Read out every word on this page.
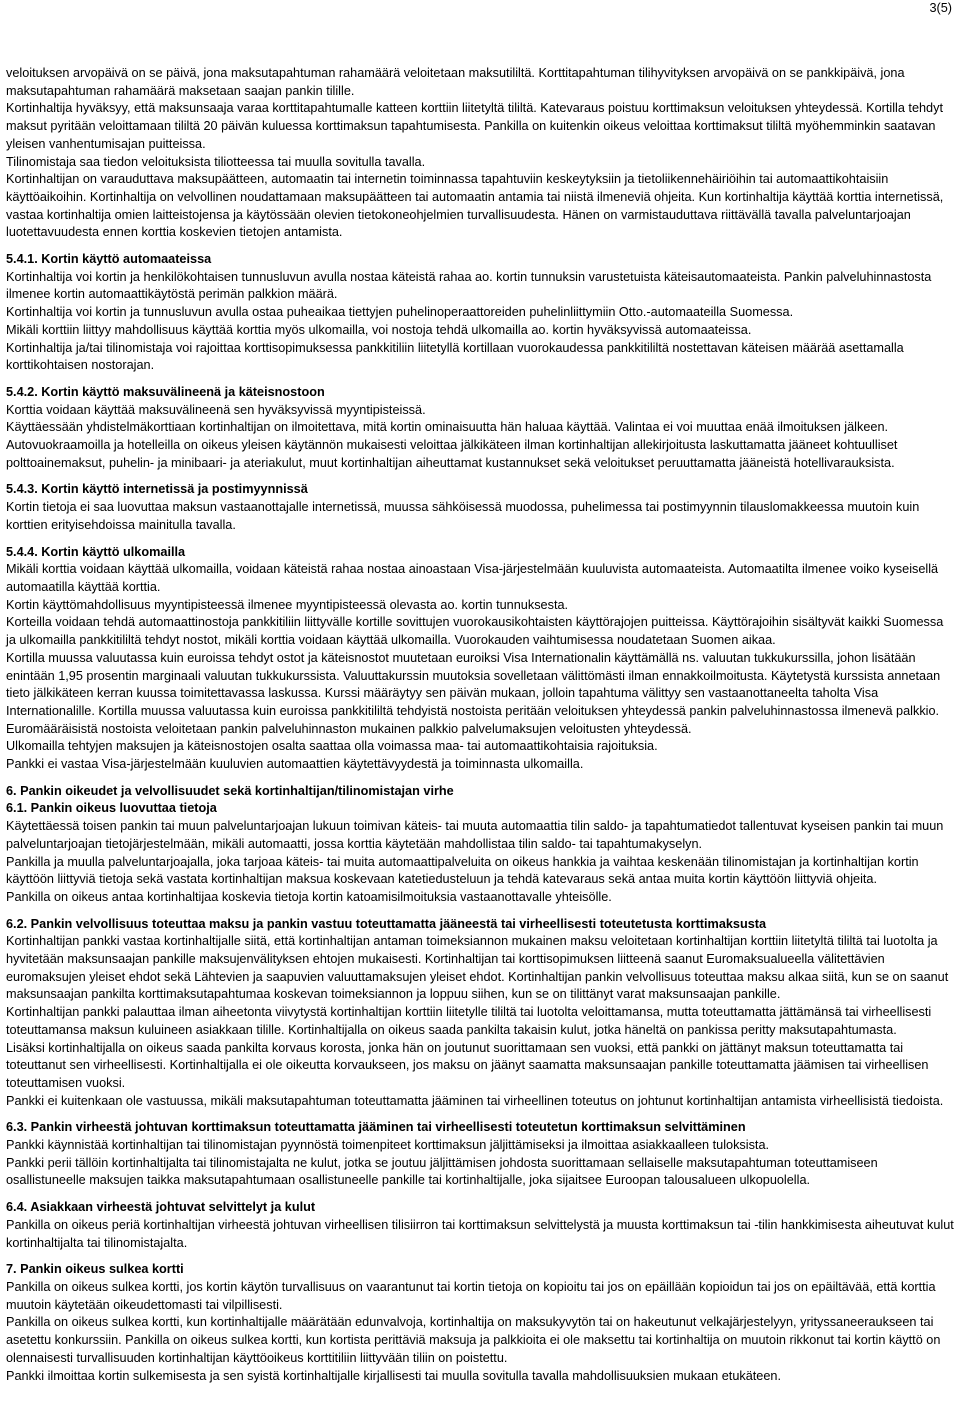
3(5)

veloituksen arvopäivä on se päivä, jona maksutapahtuman rahamäärä veloitetaan maksutililtä. Korttitapahtuman tilihyvityksen arvopäivä on se pankkipäivä, jona maksutapahtuman rahamäärä maksetaan saajan pankin tilille.

Kortinhaltija hyväksyy, että maksunsaaja varaa korttitapahtumalle katteen korttiin liitetyltä tililtä. Katevaraus poistuu korttimaksun veloituksen yhteydessä. Kortilla tehdyt maksut pyritään veloittamaan tililtä 20 päivän kuluessa korttimaksun tapahtumisesta. Pankilla on kuitenkin oikeus veloittaa korttimaksut tililtä myöhemminkin saatavan yleisen vanhentumisajan puitteissa.

Tilinomistaja saa tiedon veloituksista tiliotteessa tai muulla sovitulla tavalla.

Kortinhaltijan on varauduttava maksupäätteen, automaatin tai internetin toiminnassa tapahtuviin keskeytyksiin ja tietoliikennehäiriöihin tai automaattikohtaisiin käyttöaikoihin. Kortinhaltija on velvollinen noudattamaan maksupäätteen tai automaatin antamia tai niistä ilmeneviä ohjeita. Kun kortinhaltija käyttää korttia internetissä, vastaa kortinhaltija omien laitteistojensa ja käytössään olevien tietokoneohjelmien turvallisuudesta. Hänen on varmistauduttava riittävällä tavalla palveluntarjoajan luotettavuudesta ennen korttia koskevien tietojen antamista.

5.4.1. Kortin käyttö automaateissa

Kortinhaltija voi kortin ja henkilökohtaisen tunnusluvun avulla nostaa käteistä rahaa ao. kortin tunnuksin varustetuista käteisautomaateista. Pankin palveluhinnastosta ilmenee kortin automaattikäytöstä perimän palkkion määrä.

Kortinhaltija voi kortin ja tunnusluvun avulla ostaa puheaikaa tiettyjen puhelinoperaattoreiden puhelinliittymiin Otto.-automaateilla Suomessa.

Mikäli korttiin liittyy mahdollisuus käyttää korttia myös ulkomailla, voi nostoja tehdä ulkomailla ao. kortin hyväksyvissä automaateissa.

Kortinhaltija ja/tai tilinomistaja voi rajoittaa korttisopimuksessa pankkitiliin liitetyllä kortillaan vuorokaudessa pankkitililtä nostettavan käteisen määrää asettamalla korttikohtaisen nostorajan.

5.4.2. Kortin käyttö maksuvälineenä ja käteisnostoon

Korttia voidaan käyttää maksuvälineenä sen hyväksyvissä myyntipisteissä.

Käyttäessään yhdistelmäkorttiaan kortinhaltijan on ilmoitettava, mitä kortin ominaisuutta hän haluaa käyttää. Valintaa ei voi muuttaa enää ilmoituksen jälkeen.

Autovuokraamoilla ja hotelleilla on oikeus yleisen käytännön mukaisesti veloittaa jälkikäteen ilman kortinhaltijan allekirjoitusta laskuttamatta jääneet kohtuulliset polttoainemaksut, puhelin- ja minibaari- ja ateriakulut, muut kortinhaltijan aiheuttamat kustannukset sekä veloitukset peruuttamatta jääneistä hotellivarauksista.

5.4.3. Kortin käyttö internetissä ja postimyynnissä

Kortin tietoja ei saa luovuttaa maksun vastaanottajalle internetissä, muussa sähköisessä muodossa, puhelimessa tai postimyynnin tilauslomakkeessa muutoin kuin korttien erityisehdoissa mainitulla tavalla.

5.4.4. Kortin käyttö ulkomailla

Mikäli korttia voidaan käyttää ulkomailla, voidaan käteistä rahaa nostaa ainoastaan Visa-järjestelmään kuuluvista automaateista. Automaatilta ilmenee voiko kyseisellä automaatilla käyttää korttia.

Kortin käyttömahdollisuus myyntipisteessä ilmenee myyntipisteessä olevasta ao. kortin tunnuksesta.

Korteilla voidaan tehdä automaattinostoja pankkitiliin liittyvälle kortille sovittujen vuorokausikohtaisten käyttörajojen puitteissa. Käyttörajoihin sisältyvät kaikki Suomessa ja ulkomailla pankkitililtä tehdyt nostot, mikäli korttia voidaan käyttää ulkomailla. Vuorokauden vaihtumisessa noudatetaan Suomen aikaa.

Kortilla muussa valuutassa kuin euroissa tehdyt ostot ja käteisnostot muutetaan euroiksi Visa Internationalin käyttämällä ns. valuutan tukkukurssilla, johon lisätään enintään 1,95 prosentin marginaali valuutan tukkukurssista. Valuuttakurssin muutoksia sovelletaan välittömästi ilman ennakkoilmoitusta. Käytetystä kurssista annetaan tieto jälkikäteen kerran kuussa toimitettavassa laskussa. Kurssi määräytyy sen päivän mukaan, jolloin tapahtuma välittyy sen vastaanottaneelta taholta Visa Internationalille. Kortilla muussa valuutassa kuin euroissa pankkitililtä tehdyistä nostoista peritään veloituksen yhteydessä pankin palveluhinnastossa ilmenevä palkkio. Euromääräisistä nostoista veloitetaan pankin palveluhinnaston mukainen palkkio palvelumaksujen veloitusten yhteydessä.

Ulkomailla tehtyjen maksujen ja käteisnostojen osalta saattaa olla voimassa maa- tai automaattikohtaisia rajoituksia.

Pankki ei vastaa Visa-järjestelmään kuuluvien automaattien käytettävyydestä ja toiminnasta ulkomailla.

6. Pankin oikeudet ja velvollisuudet sekä kortinhaltijan/tilinomistajan virhe
6.1. Pankin oikeus luovuttaa tietoja

Käytettäessä toisen pankin tai muun palveluntarjoajan lukuun toimivan käteis- tai muuta automaattia tilin saldo- ja tapahtumatiedot tallentuvat kyseisen pankin tai muun palveluntarjoajan tietojärjestelmään, mikäli automaatti, jossa korttia käytetään mahdollistaa tilin saldo- tai tapahtumakyselyn.

Pankilla ja muulla palveluntarjoajalla, joka tarjoaa käteis- tai muita automaattipalveluita on oikeus hankkia ja vaihtaa keskenään tilinomistajan ja kortinhaltijan kortin käyttöön liittyviä tietoja sekä vastata kortinhaltijan maksua koskevaan katetiedusteluun ja tehdä katevaraus sekä antaa muita kortin käyttöön liittyviä ohjeita.

Pankilla on oikeus antaa kortinhaltijaa koskevia tietoja kortin katoamisilmoituksia vastaanottavalle yhteisölle.

6.2. Pankin velvollisuus toteuttaa maksu ja pankin vastuu toteuttamatta jääneestä tai virheellisesti toteutetusta korttimaksusta

Kortinhaltijan pankki vastaa kortinhaltijalle siitä, että kortinhaltijan antaman toimeksiannon mukainen maksu veloitetaan kortinhaltijan korttiin liitetyltä tililtä tai luotolta ja hyvitetään maksunsaajan pankille maksujenvälityksen ehtojen mukaisesti. Kortinhaltijan tai korttisopimuksen liitteenä saanut Euromaksualueella välitettävien euromaksujen yleiset ehdot sekä Lähtevien ja saapuvien valuuttamaksujen yleiset ehdot. Kortinhaltijan pankin velvollisuus toteuttaa maksu alkaa siitä, kun se on saanut maksunsaajan pankilta korttimaksutapahtumaa koskevan toimeksiannon ja loppuu siihen, kun se on tilittänyt varat maksunsaajan pankille.

Kortinhaltijan pankki palauttaa ilman aiheetonta viivytystä kortinhaltijan korttiin liitetylle tililtä tai luotolta veloittamansa, mutta toteuttamatta jättämänsä tai virheellisesti toteuttamansa maksun kuluineen asiakkaan tilille. Kortinhaltijalla on oikeus saada pankilta takaisin kulut, jotka häneltä on pankissa peritty maksutapahtumasta.

Lisäksi kortinhaltijalla on oikeus saada pankilta korvaus korosta, jonka hän on joutunut suorittamaan sen vuoksi, että pankki on jättänyt maksun toteuttamatta tai toteuttanut sen virheellisesti. Kortinhaltijalla ei ole oikeutta korvaukseen, jos maksu on jäänyt saamatta maksunsaajan pankille toteuttamatta jäämisen tai virheellisen toteuttamisen vuoksi.

Pankki ei kuitenkaan ole vastuussa, mikäli maksutapahtuman toteuttamatta jääminen tai virheellinen toteutus on johtunut kortinhaltijan antamista virheellisistä tiedoista.

6.3. Pankin virheestä johtuvan korttimaksun toteuttamatta jääminen tai virheellisesti toteutetun korttimaksun selvittäminen

Pankki käynnistää kortinhaltijan tai tilinomistajan pyynnöstä toimenpiteet korttimaksun jäljittämiseksi ja ilmoittaa asiakkaalleen tuloksista.

Pankki perii tällöin kortinhaltijalta tai tilinomistajalta ne kulut, jotka se joutuu jäljittämisen johdosta suorittamaan sellaiselle maksutapahtuman toteuttamiseen osallistuneelle maksujen taikka maksutapahtumaan osallistuneelle pankille tai kortinhaltijalle, joka sijaitsee Euroopan talousalueen ulkopuolella.

6.4. Asiakkaan virheestä johtuvat selvittelyt ja kulut

Pankilla on oikeus periä kortinhaltijan virheestä johtuvan virheellisen tilisiirron tai korttimaksun selvittelystä ja muusta korttimaksun tai -tilin hankkimisesta aiheutuvat kulut kortinhaltijalta tai tilinomistajalta.

7. Pankin oikeus sulkea kortti

Pankilla on oikeus sulkea kortti, jos kortin käytön turvallisuus on vaarantunut tai kortin tietoja on kopioitu tai jos on epäillään kopioidun tai jos on epäiltävää, että korttia muutoin käytetään oikeudettomasti tai vilpillisesti.

Pankilla on oikeus sulkea kortti, kun kortinhaltijalle määrätään edunvalvoja, kortinhaltija on maksukyvytön tai on hakeutunut velkajärjestelyyn, yrityssaneeraukseen tai asetettu konkurssiin. Pankilla on oikeus sulkea kortti, kun kortista perittäviä maksuja ja palkkioita ei ole maksettu tai kortinhaltija on muutoin rikkonut tai kortin käyttö on olennaisesti turvallisuuden kortinhaltijan käyttöoikeus korttitiliin liittyvään tiliin on poistettu.

Pankki ilmoittaa kortin sulkemisesta ja sen syistä kortinhaltijalle kirjallisesti tai muulla sovitulla tavalla mahdollisuuksien mukaan etukäteen.
